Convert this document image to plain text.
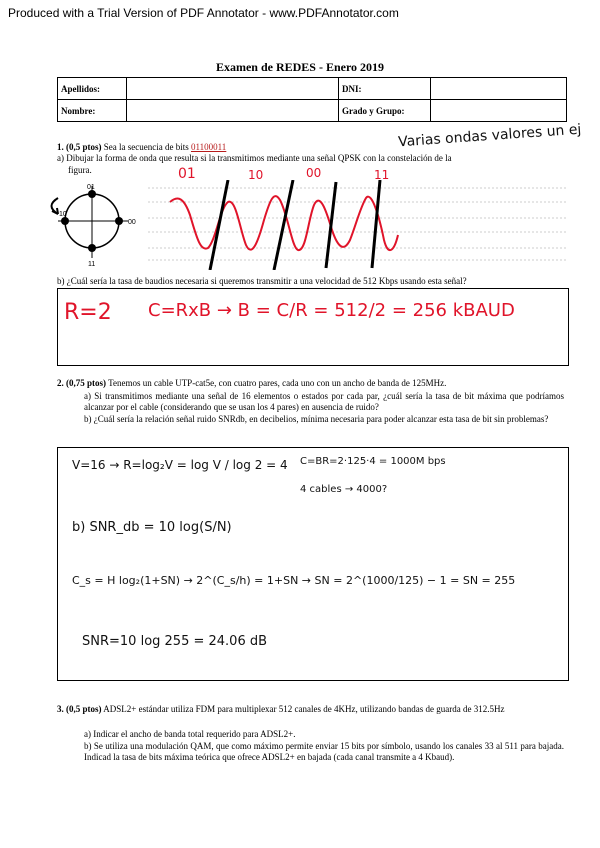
Produced with a Trial Version of PDF Annotator - www.PDFAnnotator.com
Examen de REDES - Enero 2019
Apellidos:		DNI:	
Nombre:		Grado y Grupo:	
1. (0,5 ptos) Sea la secuencia de bits 01100011
a) Dibujar la forma de onda que resulta si la transmitimos mediante una señal QPSK con la constelación de la
figura.
Varias ondas valores un ej
01
10
00
11
01	10	00	11
b) ¿Cuál sería la tasa de baudios necesaria si queremos transmitir a una velocidad de 512 Kbps usando esta señal?
R=2 C=RxB → B = C/R = 512/2 = 256 kBAUD
2. (0,75 ptos) Tenemos un cable UTP-cat5e, con cuatro pares, cada uno con un ancho de banda de 125MHz.
a) Si transmitimos mediante una señal de 16 elementos o estados por cada par, ¿cuál sería la tasa de bit máxima que podríamos alcanzar por el cable (considerando que se usan los 4 pares) en ausencia de ruido?
b) ¿Cuál sería la relación señal ruido SNRdb, en decibelios, mínima necesaria para poder alcanzar esta tasa de bit sin problemas?
V=16 → R=log₂V = log V / log 2 = 4 C=BR=2·125·4 = 1000M bps
4 cables → 4000?
b) SNR_db = 10 log(S/N)
C_s = H log₂(1+SN) → 2^(C_s/h) = 1+SN → SN = 2^(1000/125) − 1 = SN = 255
SNR=10 log 255 = 24.06 dB
3. (0,5 ptos) ADSL2+ estándar utiliza FDM para multiplexar 512 canales de 4KHz, utilizando bandas de guarda de 312.5Hz
a) Indicar el ancho de banda total requerido para ADSL2+.
b) Se utiliza una modulación QAM, que como máximo permite enviar 15 bits por símbolo, usando los canales 33 al 511 para bajada. Indicad la tasa de bits máxima teórica que ofrece ADSL2+ en bajada (cada canal transmite a 4 Kbaud).
